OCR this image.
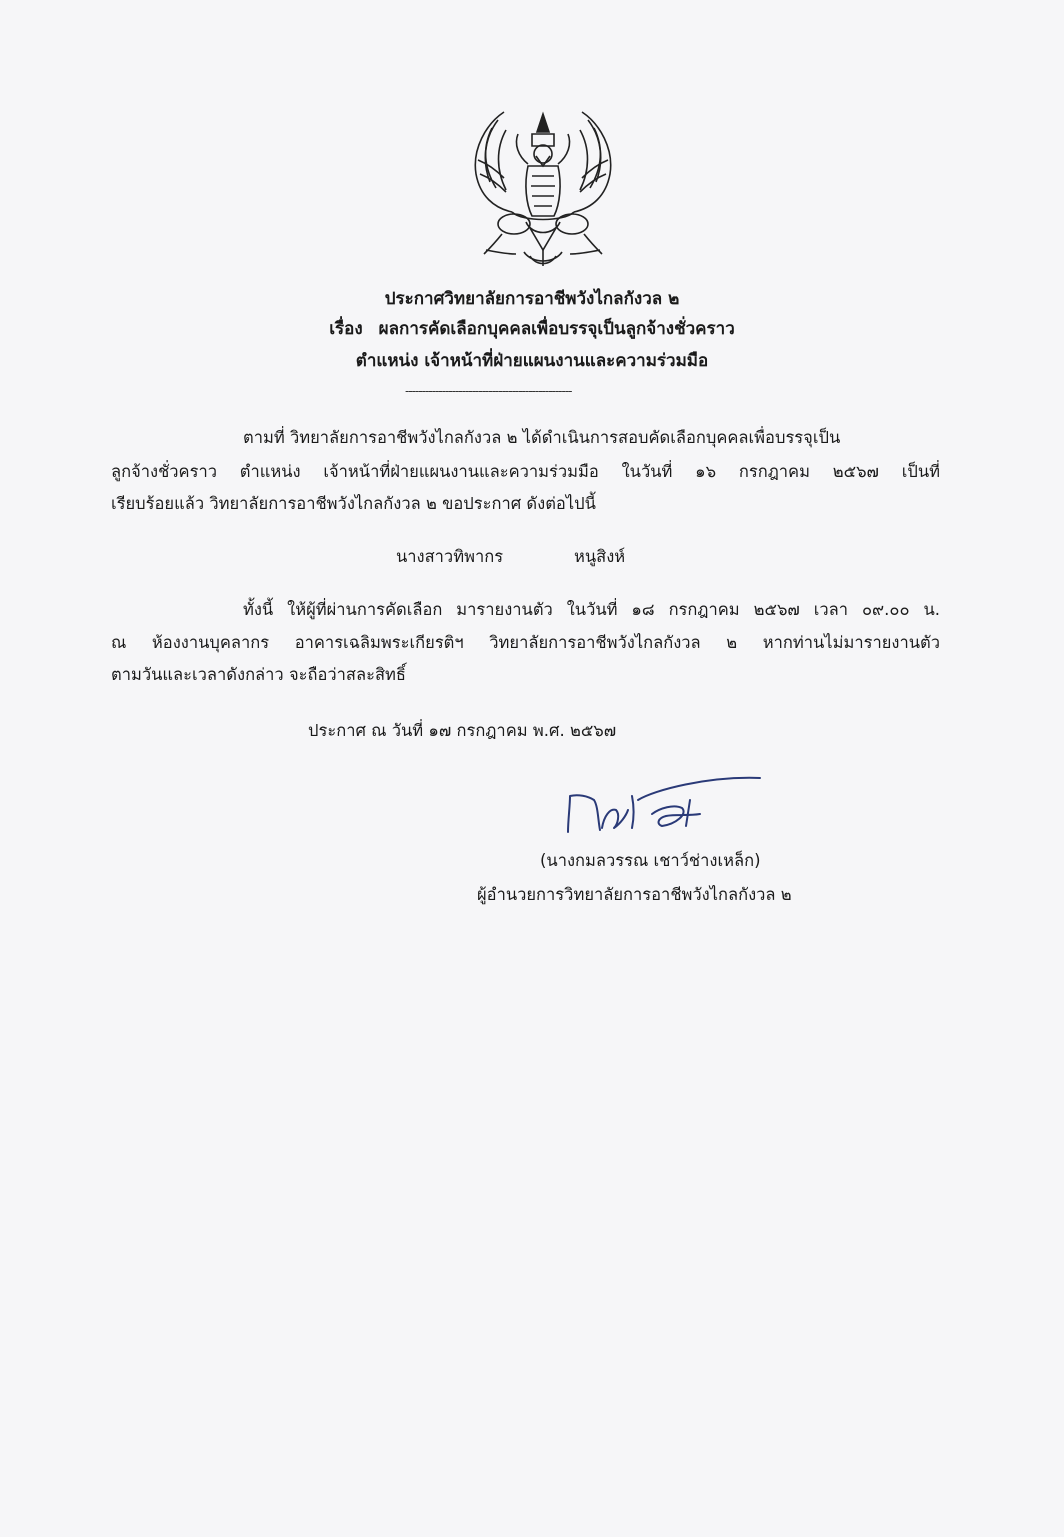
ประกาศวิทยาลัยการอาชีพวังไกลกังวล ๒
เรื่อง ผลการคัดเลือกบุคคลเพื่อบรรจุเป็นลูกจ้างชั่วคราว
ตำแหน่ง เจ้าหน้าที่ฝ่ายแผนงานและความร่วมมือ
--------------------------------------------------
ตามที่ วิทยาลัยการอาชีพวังไกลกังวล ๒ ได้ดำเนินการสอบคัดเลือกบุคคลเพื่อบรรจุเป็น
ลูกจ้างชั่วคราว ตำแหน่ง เจ้าหน้าที่ฝ่ายแผนงานและความร่วมมือ ในวันที่ ๑๖ กรกฎาคม ๒๕๖๗ เป็นที่
เรียบร้อยแล้ว วิทยาลัยการอาชีพวังไกลกังวล ๒ ขอประกาศ ดังต่อไปนี้
นางสาวทิพากร	หนูสิงห์
ทั้งนี้ ให้ผู้ที่ผ่านการคัดเลือก มารายงานตัว ในวันที่ ๑๘ กรกฎาคม ๒๕๖๗ เวลา ๐๙.๐๐ น.
ณ ห้องงานบุคลากร อาคารเฉลิมพระเกียรติฯ วิทยาลัยการอาชีพวังไกลกังวล ๒ หากท่านไม่มารายงานตัว
ตามวันและเวลาดังกล่าว จะถือว่าสละสิทธิ์
ประกาศ ณ วันที่ ๑๗ กรกฎาคม พ.ศ. ๒๕๖๗
(นางกมลวรรณ เชาว์ช่างเหล็ก)
ผู้อำนวยการวิทยาลัยการอาชีพวังไกลกังวล ๒
